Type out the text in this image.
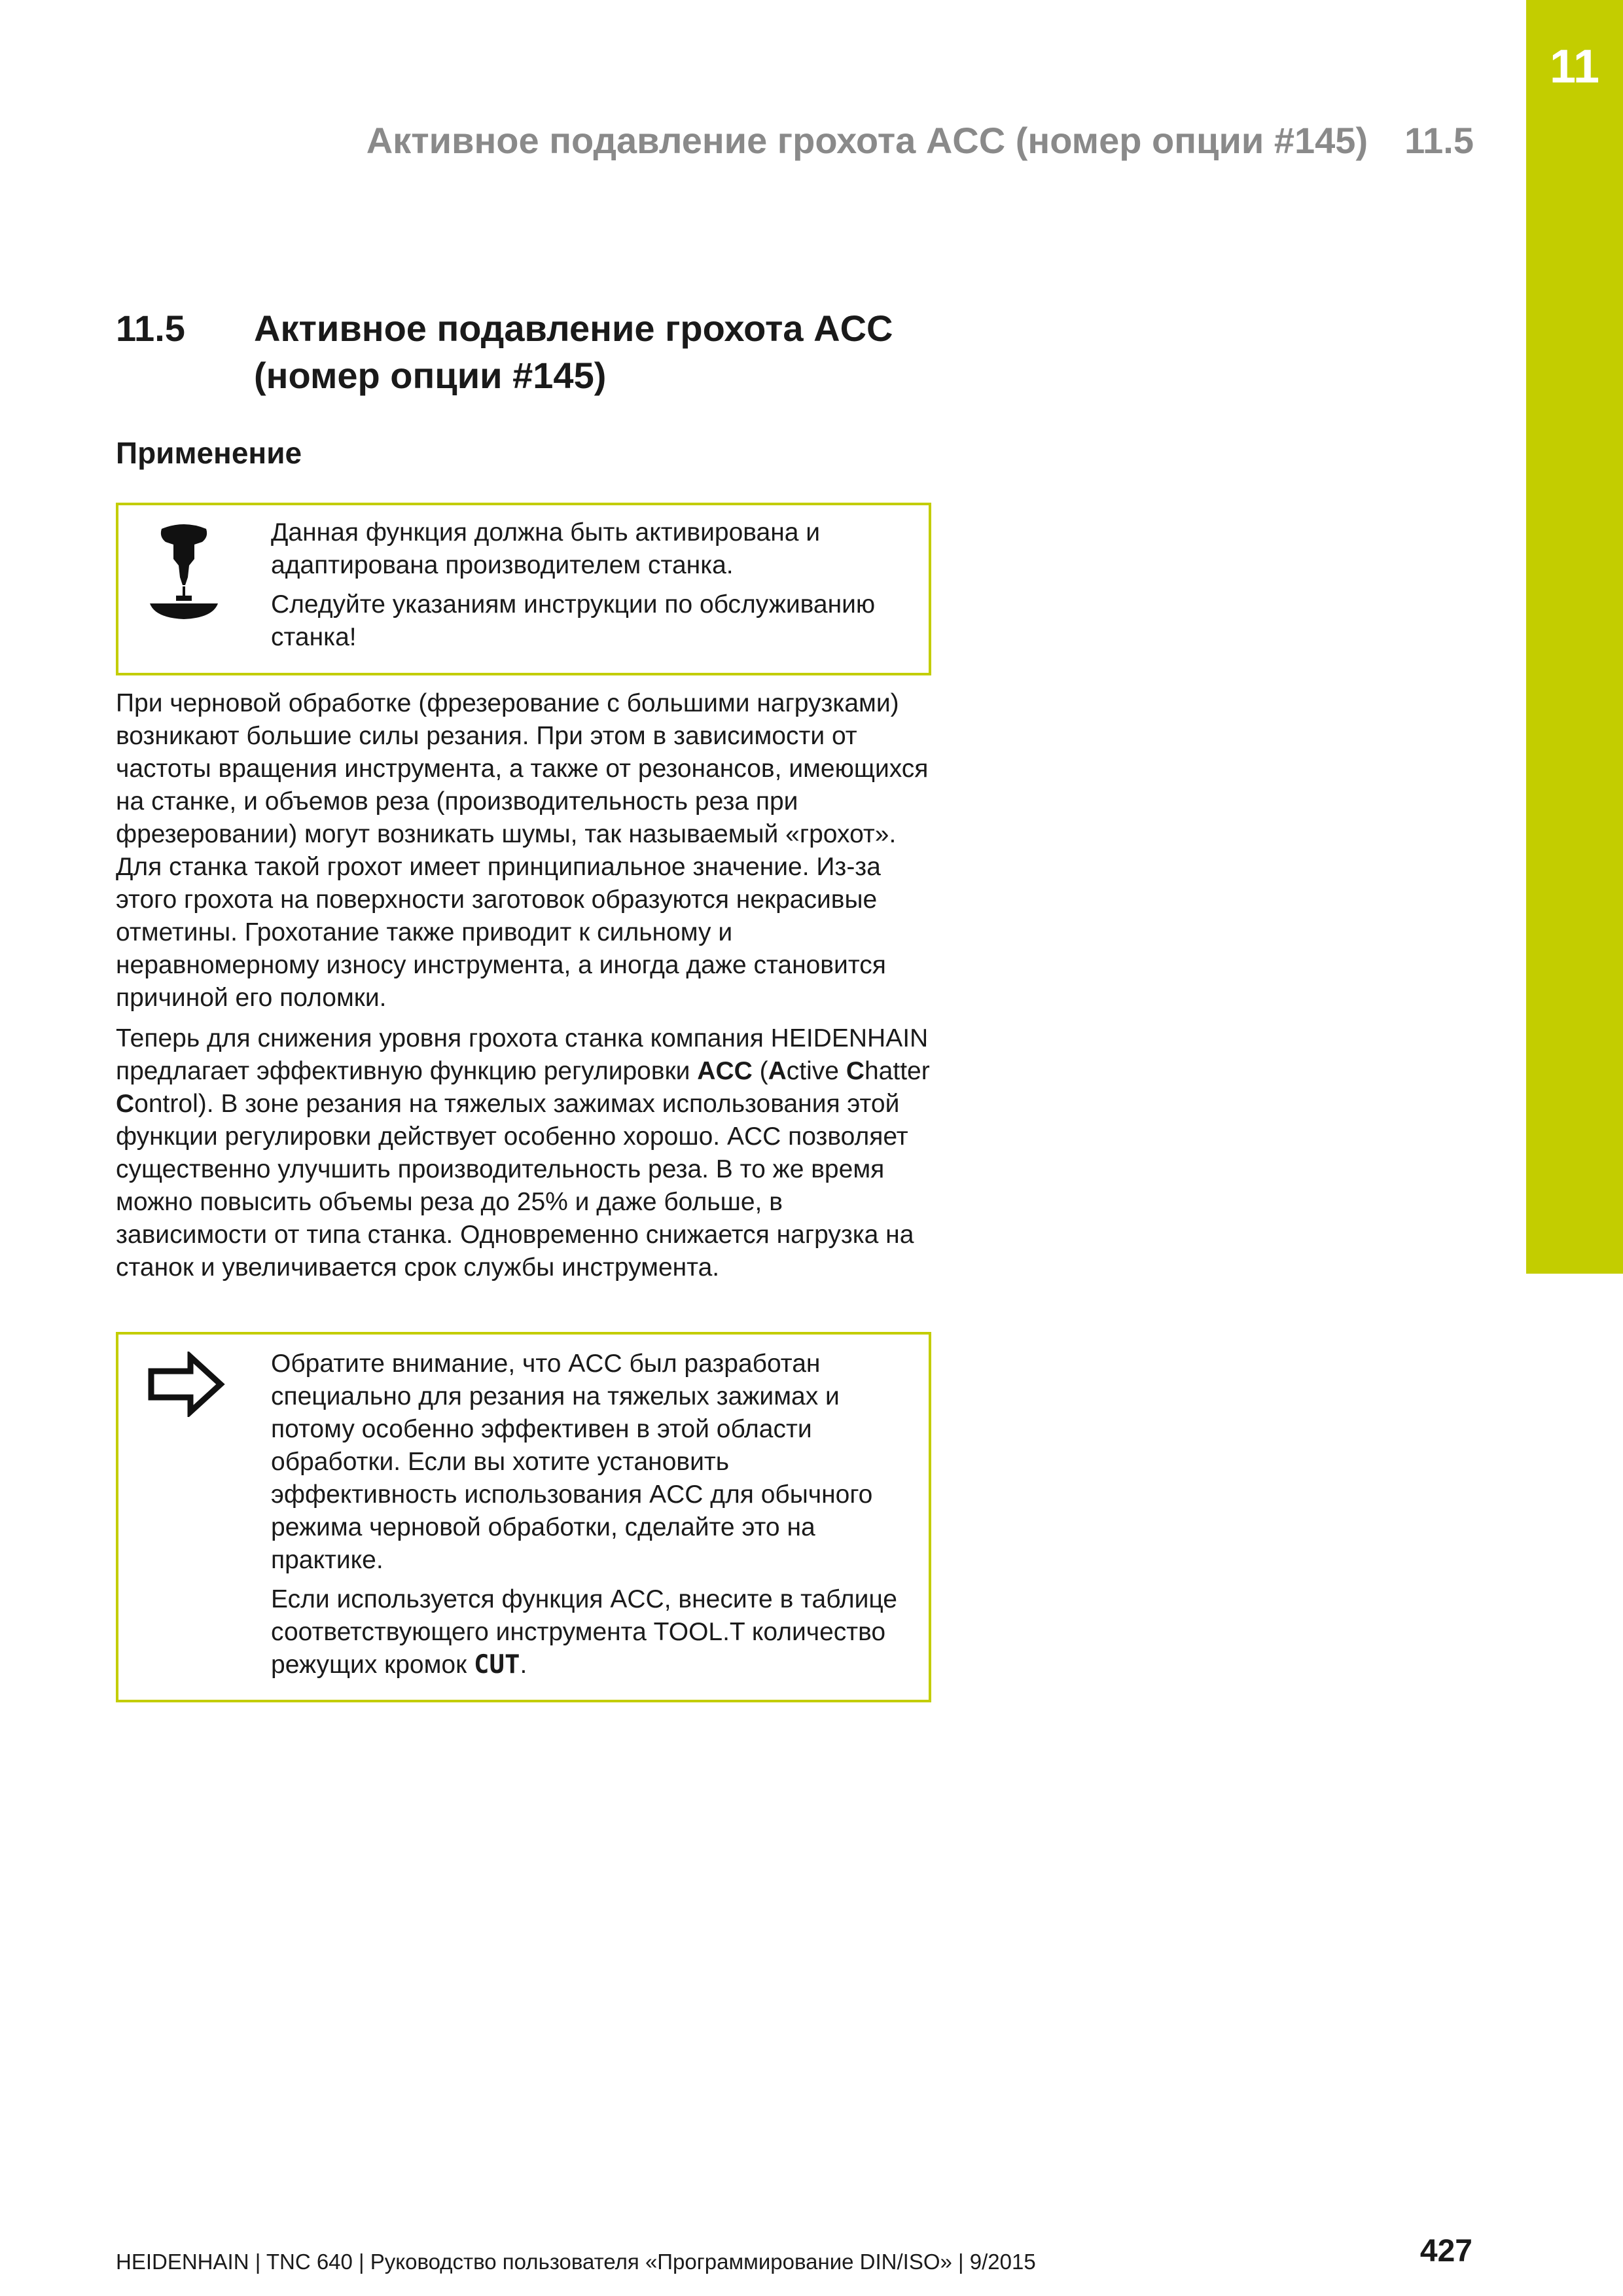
11
Активное подавление грохота ACC (номер опции #145) 11.5
11.5 Активное подавление грохота ACC (номер опции #145)
Применение

Данная функция должна быть активирована и адаптирована производителем станка.

Следуйте указаниям инструкции по обслуживанию станка!

При черновой обработке (фрезерование с большими нагрузками) возникают большие силы резания. При этом в зависимости от частоты вращения инструмента, а также от резонансов, имеющихся на станке, и объемов реза (производительность реза при фрезеровании) могут возникать шумы, так называемый «грохот». Для станка такой грохот имеет принципиальное значение. Из-за этого грохота на поверхности заготовок образуются некрасивые отметины. Грохотание также приводит к сильному и неравномерному износу инструмента, а иногда даже становится причиной его поломки.

Теперь для снижения уровня грохота станка компания HEIDENHAIN предлагает эффективную функцию регулировки ACC (Active Chatter Control). В зоне резания на тяжелых зажимах использования этой функции регулировки действует особенно хорошо. ACC позволяет существенно улучшить производительность реза. В то же время можно повысить объемы реза до 25% и даже больше, в зависимости от типа станка. Одновременно снижается нагрузка на станок и увеличивается срок службы инструмента.

Обратите внимание, что ACC был разработан специально для резания на тяжелых зажимах и потому особенно эффективен в этой области обработки. Если вы хотите установить эффективность использования ACC для обычного режима черновой обработки, сделайте это на практике.

Если используется функция ACC, внесите в таблице соответствующего инструмента TOOL.T количество режущих кромок CUT.

HEIDENHAIN | TNC 640 | Руководство пользователя «Программирование DIN/ISO» | 9/2015	427
